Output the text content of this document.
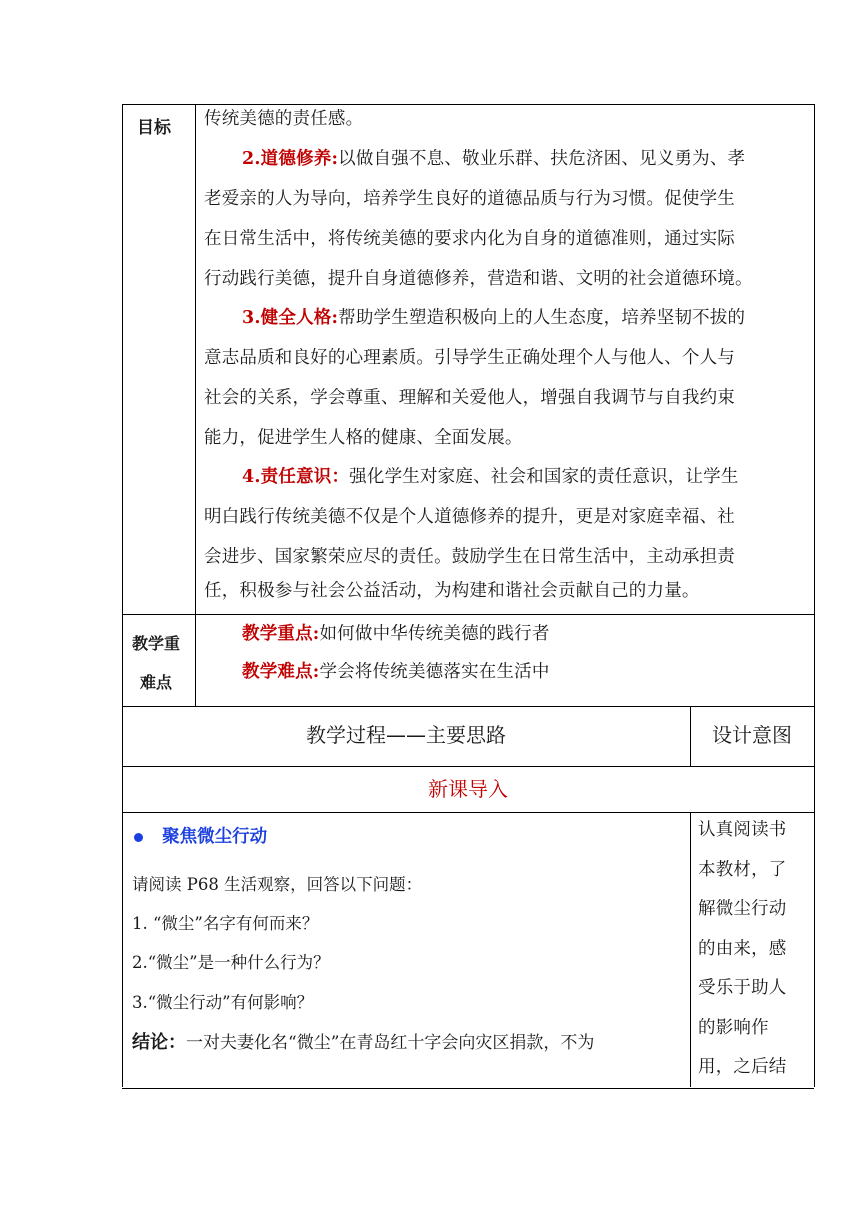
目标 传统美德的责任感。
2.道德修养:以做自强不息、敬业乐群、扶危济困、见义勇为、孝
老爱亲的人为导向，培养学生良好的道德品质与行为习惯。促使学生
在日常生活中，将传统美德的要求内化为自身的道德准则，通过实际
行动践行美德，提升自身道德修养，营造和谐、文明的社会道德环境。
3.健全人格:帮助学生塑造积极向上的人生态度，培养坚韧不拔的
意志品质和良好的心理素质。引导学生正确处理个人与他人、个人与
社会的关系，学会尊重、理解和关爱他人，增强自我调节与自我约束
能力，促进学生人格的健康、全面发展。
4.责任意识：强化学生对家庭、社会和国家的责任意识，让学生
明白践行传统美德不仅是个人道德修养的提升，更是对家庭幸福、社
会进步、国家繁荣应尽的责任。鼓励学生在日常生活中，主动承担责
任，积极参与社会公益活动，为构建和谐社会贡献自己的力量。
教学重
难点
教学重点:如何做中华传统美德的践行者
教学难点:学会将传统美德落实在生活中
教学过程——主要思路	设计意图
新课导入
聚焦微尘行动
请阅读 P68 生活观察，回答以下问题：
1. “微尘”名字有何而来？
2.“微尘”是一种什么行为？
3.“微尘行动”有何影响？
结论：一对夫妻化名“微尘”在青岛红十字会向灾区捐款，不为
认真阅读书
本教材，了
解微尘行动
的由来，感
受乐于助人
的影响作
用，之后结
